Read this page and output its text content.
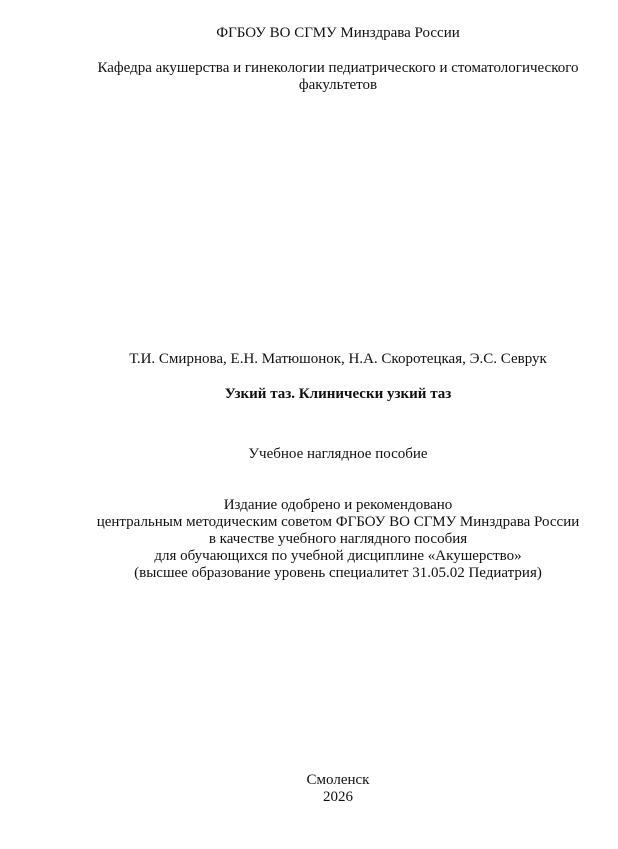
ФГБОУ ВО СГМУ Минздрава России
Кафедра акушерства и гинекологии педиатрического и стоматологического
факультетов
Т.И. Смирнова, Е.Н. Матюшонок, Н.А. Скоротецкая, Э.С. Севрук
Узкий таз. Клинически узкий таз
Учебное наглядное пособие
Издание одобрено и рекомендовано
центральным методическим советом ФГБОУ ВО СГМУ Минздрава России
в качестве учебного наглядного пособия
для обучающихся по учебной дисциплине «Акушерство»
(высшее образование уровень специалитет 31.05.02 Педиатрия)
Смоленск
2026
